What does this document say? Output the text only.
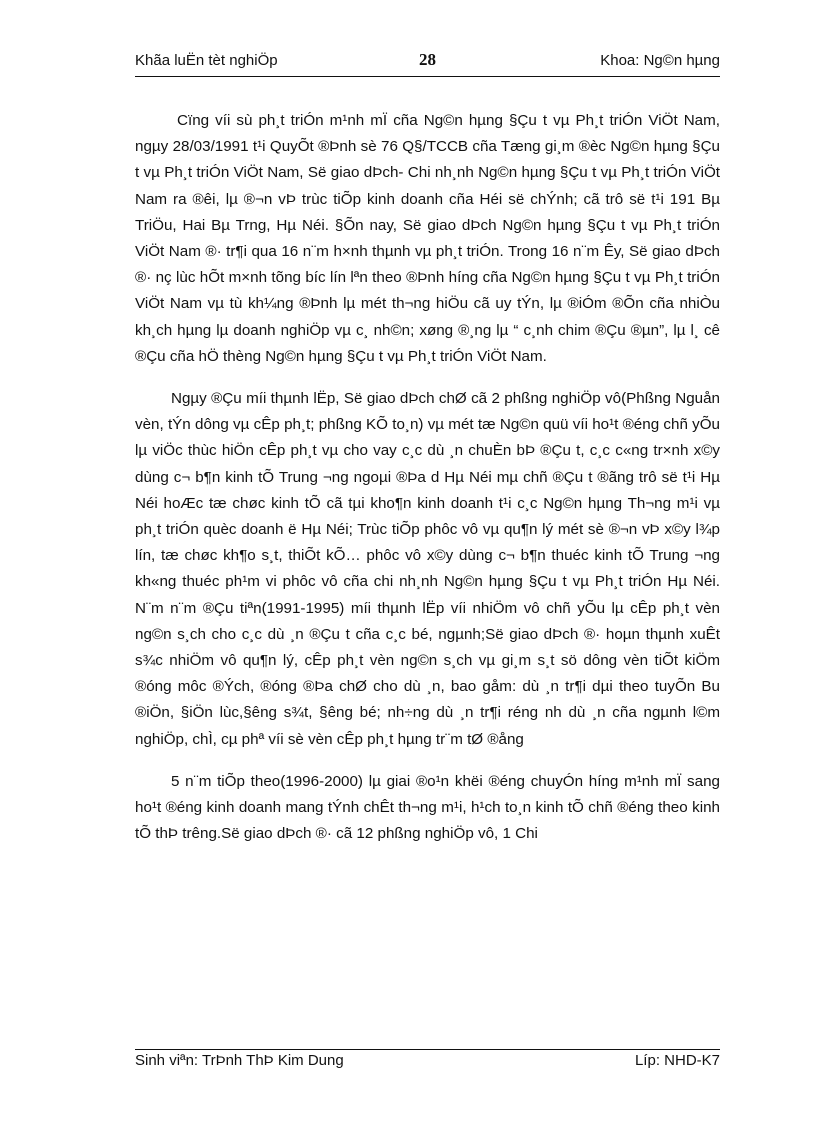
Khãa luËn tèt nghiÖp	28	Khoa: Ng©n hµng

Cïng víi sù ph¸t triÓn m¹nh mÏ cña Ng©n hµng §Çu t vµ Ph¸t triÓn ViÖt Nam, ngµy 28/03/1991 t¹i QuyÕt ®Þnh sè 76 Q§/TCCB cña Tæng gi¸m ®èc Ng©n hµng §Çu t vµ Ph¸t triÓn ViÖt Nam, Së giao dÞch- Chi nh¸nh Ng©n hµng §Çu t vµ Ph¸t triÓn ViÖt Nam ra ®êi, lµ ®¬n vÞ trùc tiÕp kinh doanh cña Héi së chÝnh; cã trô së t¹i 191 Bµ TriÖu, Hai Bµ Trng, Hµ Néi. §Õn nay, Së giao dÞch Ng©n hµng §Çu t vµ Ph¸t triÓn ViÖt Nam ®· tr¶i qua 16 n¨m h×nh thµnh vµ ph¸t triÓn. Trong 16 n¨m Êy, Së giao dÞch ®· nç lùc hÕt m×nh tõng bíc lín lªn theo ®Þnh híng cña Ng©n hµng §Çu t vµ Ph¸t triÓn ViÖt Nam vµ tù kh¼ng ®Þnh lµ mét th¬ng hiÖu cã uy tÝn, lµ ®iÓm ®Õn cña nhiÒu kh¸ch hµng lµ doanh nghiÖp vµ c¸ nh©n; xøng ®¸ng lµ “ c¸nh chim ®Çu ®µn”, lµ l¸ cê ®Çu cña hÖ thèng Ng©n hµng §Çu t vµ Ph¸t triÓn ViÖt Nam.

Ngµy ®Çu míi thµnh lËp, Së giao dÞch chØ cã 2 phßng nghiÖp vô(Phßng Nguån vèn, tÝn dông vµ cÊp ph¸t; phßng KÕ to¸n) vµ mét tæ Ng©n quü víi ho¹t ®éng chñ yÕu lµ viÖc thùc hiÖn cÊp ph¸t vµ cho vay c¸c dù ¸n chuÈn bÞ ®Çu t, c¸c c«ng tr×nh x©y dùng c¬ b¶n kinh tÕ Trung ¬ng ngoµi ®Þa d Hµ Néi mµ chñ ®Çu t ®ãng trô së t¹i Hµ Néi hoÆc tæ chøc kinh tÕ cã tµi kho¶n kinh doanh t¹i c¸c Ng©n hµng Th¬ng m¹i vµ ph¸t triÓn quèc doanh ë Hµ Néi; Trùc tiÕp phôc vô vµ qu¶n lý mét sè ®¬n vÞ x©y l¾p lín, tæ chøc kh¶o s¸t, thiÕt kÕ… phôc vô x©y dùng c¬ b¶n thuéc kinh tÕ Trung ¬ng kh«ng thuéc ph¹m vi phôc vô cña chi nh¸nh Ng©n hµng §Çu t vµ Ph¸t triÓn Hµ Néi. N¨m n¨m ®Çu tiªn(1991-1995) míi thµnh lËp víi nhiÖm vô chñ yÕu lµ cÊp ph¸t vèn ng©n s¸ch cho c¸c dù ¸n ®Çu t cña c¸c bé, ngµnh;Së giao dÞch ®· hoµn thµnh xuÊt s¾c nhiÖm vô qu¶n lý, cÊp ph¸t vèn ng©n s¸ch vµ gi¸m s¸t sö dông vèn tiÕt kiÖm ®óng môc ®Ých, ®óng ®Þa chØ cho dù ¸n, bao gåm: dù ¸n tr¶i dµi theo tuyÕn Bu ®iÖn, §iÖn lùc,§êng s¾t, §êng bé; nh÷ng dù ¸n tr¶i réng nh dù ¸n cña ngµnh l©m nghiÖp, chÌ, cµ phª víi sè vèn cÊp ph¸t hµng tr¨m tØ ®ång

5 n¨m tiÕp theo(1996-2000) lµ giai ®o¹n khëi ®éng chuyÓn híng m¹nh mÏ sang ho¹t ®éng kinh doanh mang tÝnh chÊt th¬ng m¹i, h¹ch to¸n kinh tÕ chñ ®éng theo kinh tÕ thÞ trêng.Së giao dÞch ®· cã 12 phßng nghiÖp vô, 1 Chi

Sinh viªn: TrÞnh ThÞ Kim Dung	Líp: NHD-K7
